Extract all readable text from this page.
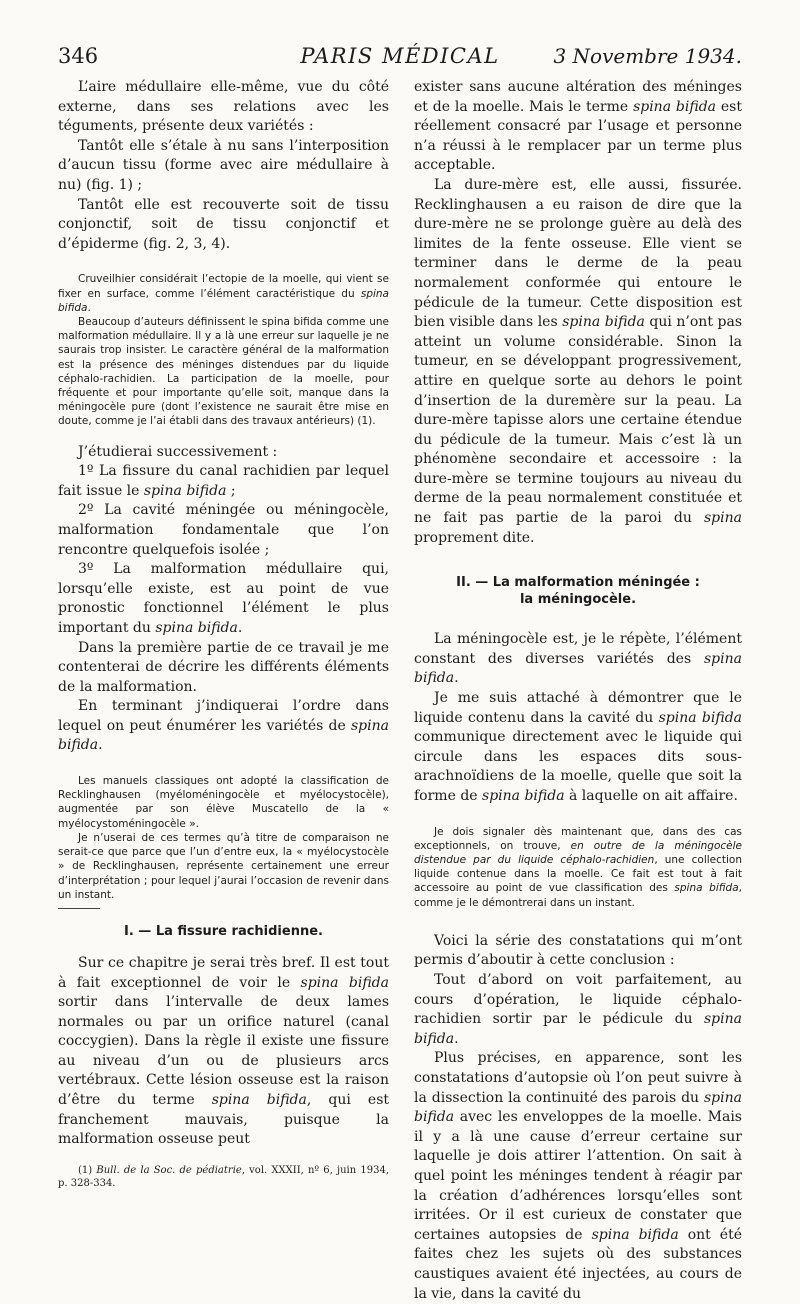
346	PARIS MÉDICAL	3 Novembre 1934.

L’aire médullaire elle-même, vue du côté externe, dans ses relations avec les téguments, présente deux variétés :

Tantôt elle s’étale à nu sans l’interposition d’aucun tissu (forme avec aire médullaire à nu) (fig. 1) ;

Tantôt elle est recouverte soit de tissu conjonctif, soit de tissu conjonctif et d’épiderme (fig. 2, 3, 4).

Cruveilhier considérait l’ectopie de la moelle, qui vient se fixer en surface, comme l’élément caractéristique du spina bifida.

Beaucoup d’auteurs définissent le spina bifida comme une malformation médullaire. Il y a là une erreur sur laquelle je ne saurais trop insister. Le caractère général de la malformation est la présence des méninges distendues par du liquide céphalo-rachidien. La participation de la moelle, pour fréquente et pour importante qu’elle soit, manque dans la méningocèle pure (dont l’existence ne saurait être mise en doute, comme je l’ai établi dans des travaux antérieurs) (1).

J’étudierai successivement :

1º La fissure du canal rachidien par lequel fait issue le spina bifida ;

2º La cavité méningée ou méningocèle, malformation fondamentale que l’on rencontre quelquefois isolée ;

3º La malformation médullaire qui, lorsqu’elle existe, est au point de vue pronostic fonctionnel l’élément le plus important du spina bifida.

Dans la première partie de ce travail je me contenterai de décrire les différents éléments de la malformation.

En terminant j’indiquerai l’ordre dans lequel on peut énumérer les variétés de spina bifida.

Les manuels classiques ont adopté la classification de Recklinghausen (myéloméningocèle et myélocystocèle), augmentée par son élève Muscatello de la « myélocystoméningocèle ».

Je n’userai de ces termes qu’à titre de comparaison ne serait-ce que parce que l’un d’entre eux, la « myélocystocèle » de Recklinghausen, représente certainement une erreur d’interprétation ; pour lequel j’aurai l’occasion de revenir dans un instant.

I. — La fissure rachidienne.

Sur ce chapitre je serai très bref. Il est tout à fait exceptionnel de voir le spina bifida sortir dans l’intervalle de deux lames normales ou par un orifice naturel (canal coccygien). Dans la règle il existe une fissure au niveau d’un ou de plusieurs arcs vertébraux. Cette lésion osseuse est la raison d’être du terme spina bifida, qui est franchement mauvais, puisque la malformation osseuse peut

(1) Bull. de la Soc. de pédiatrie, vol. XXXII, nº 6, juin 1934, p. 328-334.

exister sans aucune altération des méninges et de la moelle. Mais le terme spina bifida est réellement consacré par l’usage et personne n’a réussi à le remplacer par un terme plus acceptable.

La dure-mère est, elle aussi, fissurée. Recklinghausen a eu raison de dire que la dure-mère ne se prolonge guère au delà des limites de la fente osseuse. Elle vient se terminer dans le derme de la peau normalement conformée qui entoure le pédicule de la tumeur. Cette disposition est bien visible dans les spina bifida qui n’ont pas atteint un volume considérable. Sinon la tumeur, en se développant progressivement, attire en quelque sorte au dehors le point d’insertion de la duremère sur la peau. La dure-mère tapisse alors une certaine étendue du pédicule de la tumeur. Mais c’est là un phénomène secondaire et accessoire : la dure-mère se termine toujours au niveau du derme de la peau normalement constituée et ne fait pas partie de la paroi du spina proprement dite.

II. — La malformation méningée :
la méningocèle.

La méningocèle est, je le répète, l’élément constant des diverses variétés des spina bifida.

Je me suis attaché à démontrer que le liquide contenu dans la cavité du spina bifida communique directement avec le liquide qui circule dans les espaces dits sous-arachnoïdiens de la moelle, quelle que soit la forme de spina bifida à laquelle on ait affaire.

Je dois signaler dès maintenant que, dans des cas exceptionnels, on trouve, en outre de la méningocèle distendue par du liquide céphalo-rachidien, une collection liquide contenue dans la moelle. Ce fait est tout à fait accessoire au point de vue classification des spina bifida, comme je le démontrerai dans un instant.

Voici la série des constatations qui m’ont permis d’aboutir à cette conclusion :

Tout d’abord on voit parfaitement, au cours d’opération, le liquide céphalo-rachidien sortir par le pédicule du spina bifida.

Plus précises, en apparence, sont les constatations d’autopsie où l’on peut suivre à la dissection la continuité des parois du spina bifida avec les enveloppes de la moelle. Mais il y a là une cause d’erreur certaine sur laquelle je dois attirer l’attention. On sait à quel point les méninges tendent à réagir par la création d’adhérences lorsqu’elles sont irritées. Or il est curieux de constater que certaines autopsies de spina bifida ont été faites chez les sujets où des substances caustiques avaient été injectées, au cours de la vie, dans la cavité du
